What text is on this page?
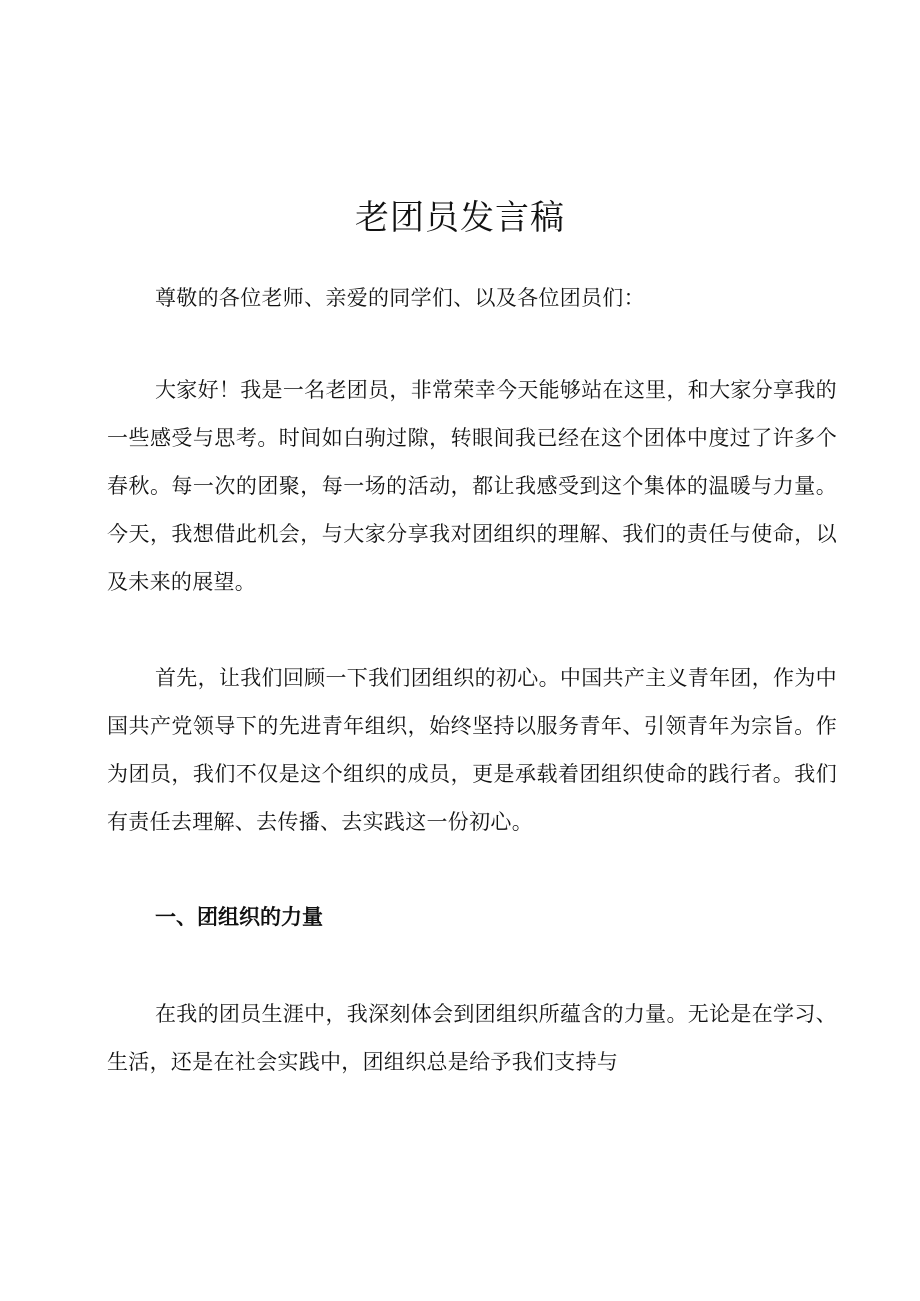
老团员发言稿

尊敬的各位老师、亲爱的同学们、以及各位团员们：

大家好！我是一名老团员，非常荣幸今天能够站在这里，和大家分享我的一些感受与思考。时间如白驹过隙，转眼间我已经在这个团体中度过了许多个春秋。每一次的团聚，每一场的活动，都让我感受到这个集体的温暖与力量。今天，我想借此机会，与大家分享我对团组织的理解、我们的责任与使命，以及未来的展望。

首先，让我们回顾一下我们团组织的初心。中国共产主义青年团，作为中国共产党领导下的先进青年组织，始终坚持以服务青年、引领青年为宗旨。作为团员，我们不仅是这个组织的成员，更是承载着团组织使命的践行者。我们有责任去理解、去传播、去实践这一份初心。

一、团组织的力量

在我的团员生涯中，我深刻体会到团组织所蕴含的力量。无论是在学习、生活，还是在社会实践中，团组织总是给予我们支持与
